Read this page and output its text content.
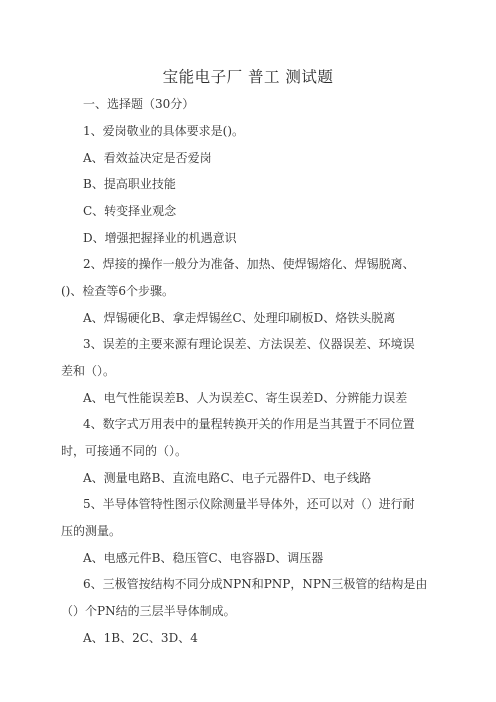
宝能电子厂 普工 测试题
一、选择题（30分）
1、爱岗敬业的具体要求是()。
A、看效益决定是否爱岗
B、提高职业技能
C、转变择业观念
D、增强把握择业的机遇意识
2、焊接的操作一般分为准备、加热、使焊锡熔化、焊锡脱离、
()、检查等6个步骤。
A、焊锡硬化B、拿走焊锡丝C、处理印刷板D、烙铁头脱离
3、误差的主要来源有理论误差、方法误差、仪器误差、环境误
差和（）。
A、电气性能误差B、人为误差C、寄生误差D、分辨能力误差
4、数字式万用表中的量程转换开关的作用是当其置于不同位置
时，可接通不同的（）。
A、测量电路B、直流电路C、电子元器件D、电子线路
5、半导体管特性图示仪除测量半导体外，还可以对（）进行耐
压的测量。
A、电感元件B、稳压管C、电容器D、调压器
6、三极管按结构不同分成NPN和PNP，NPN三极管的结构是由
（）个PN结的三层半导体制成。
A、1B、2C、3D、4
